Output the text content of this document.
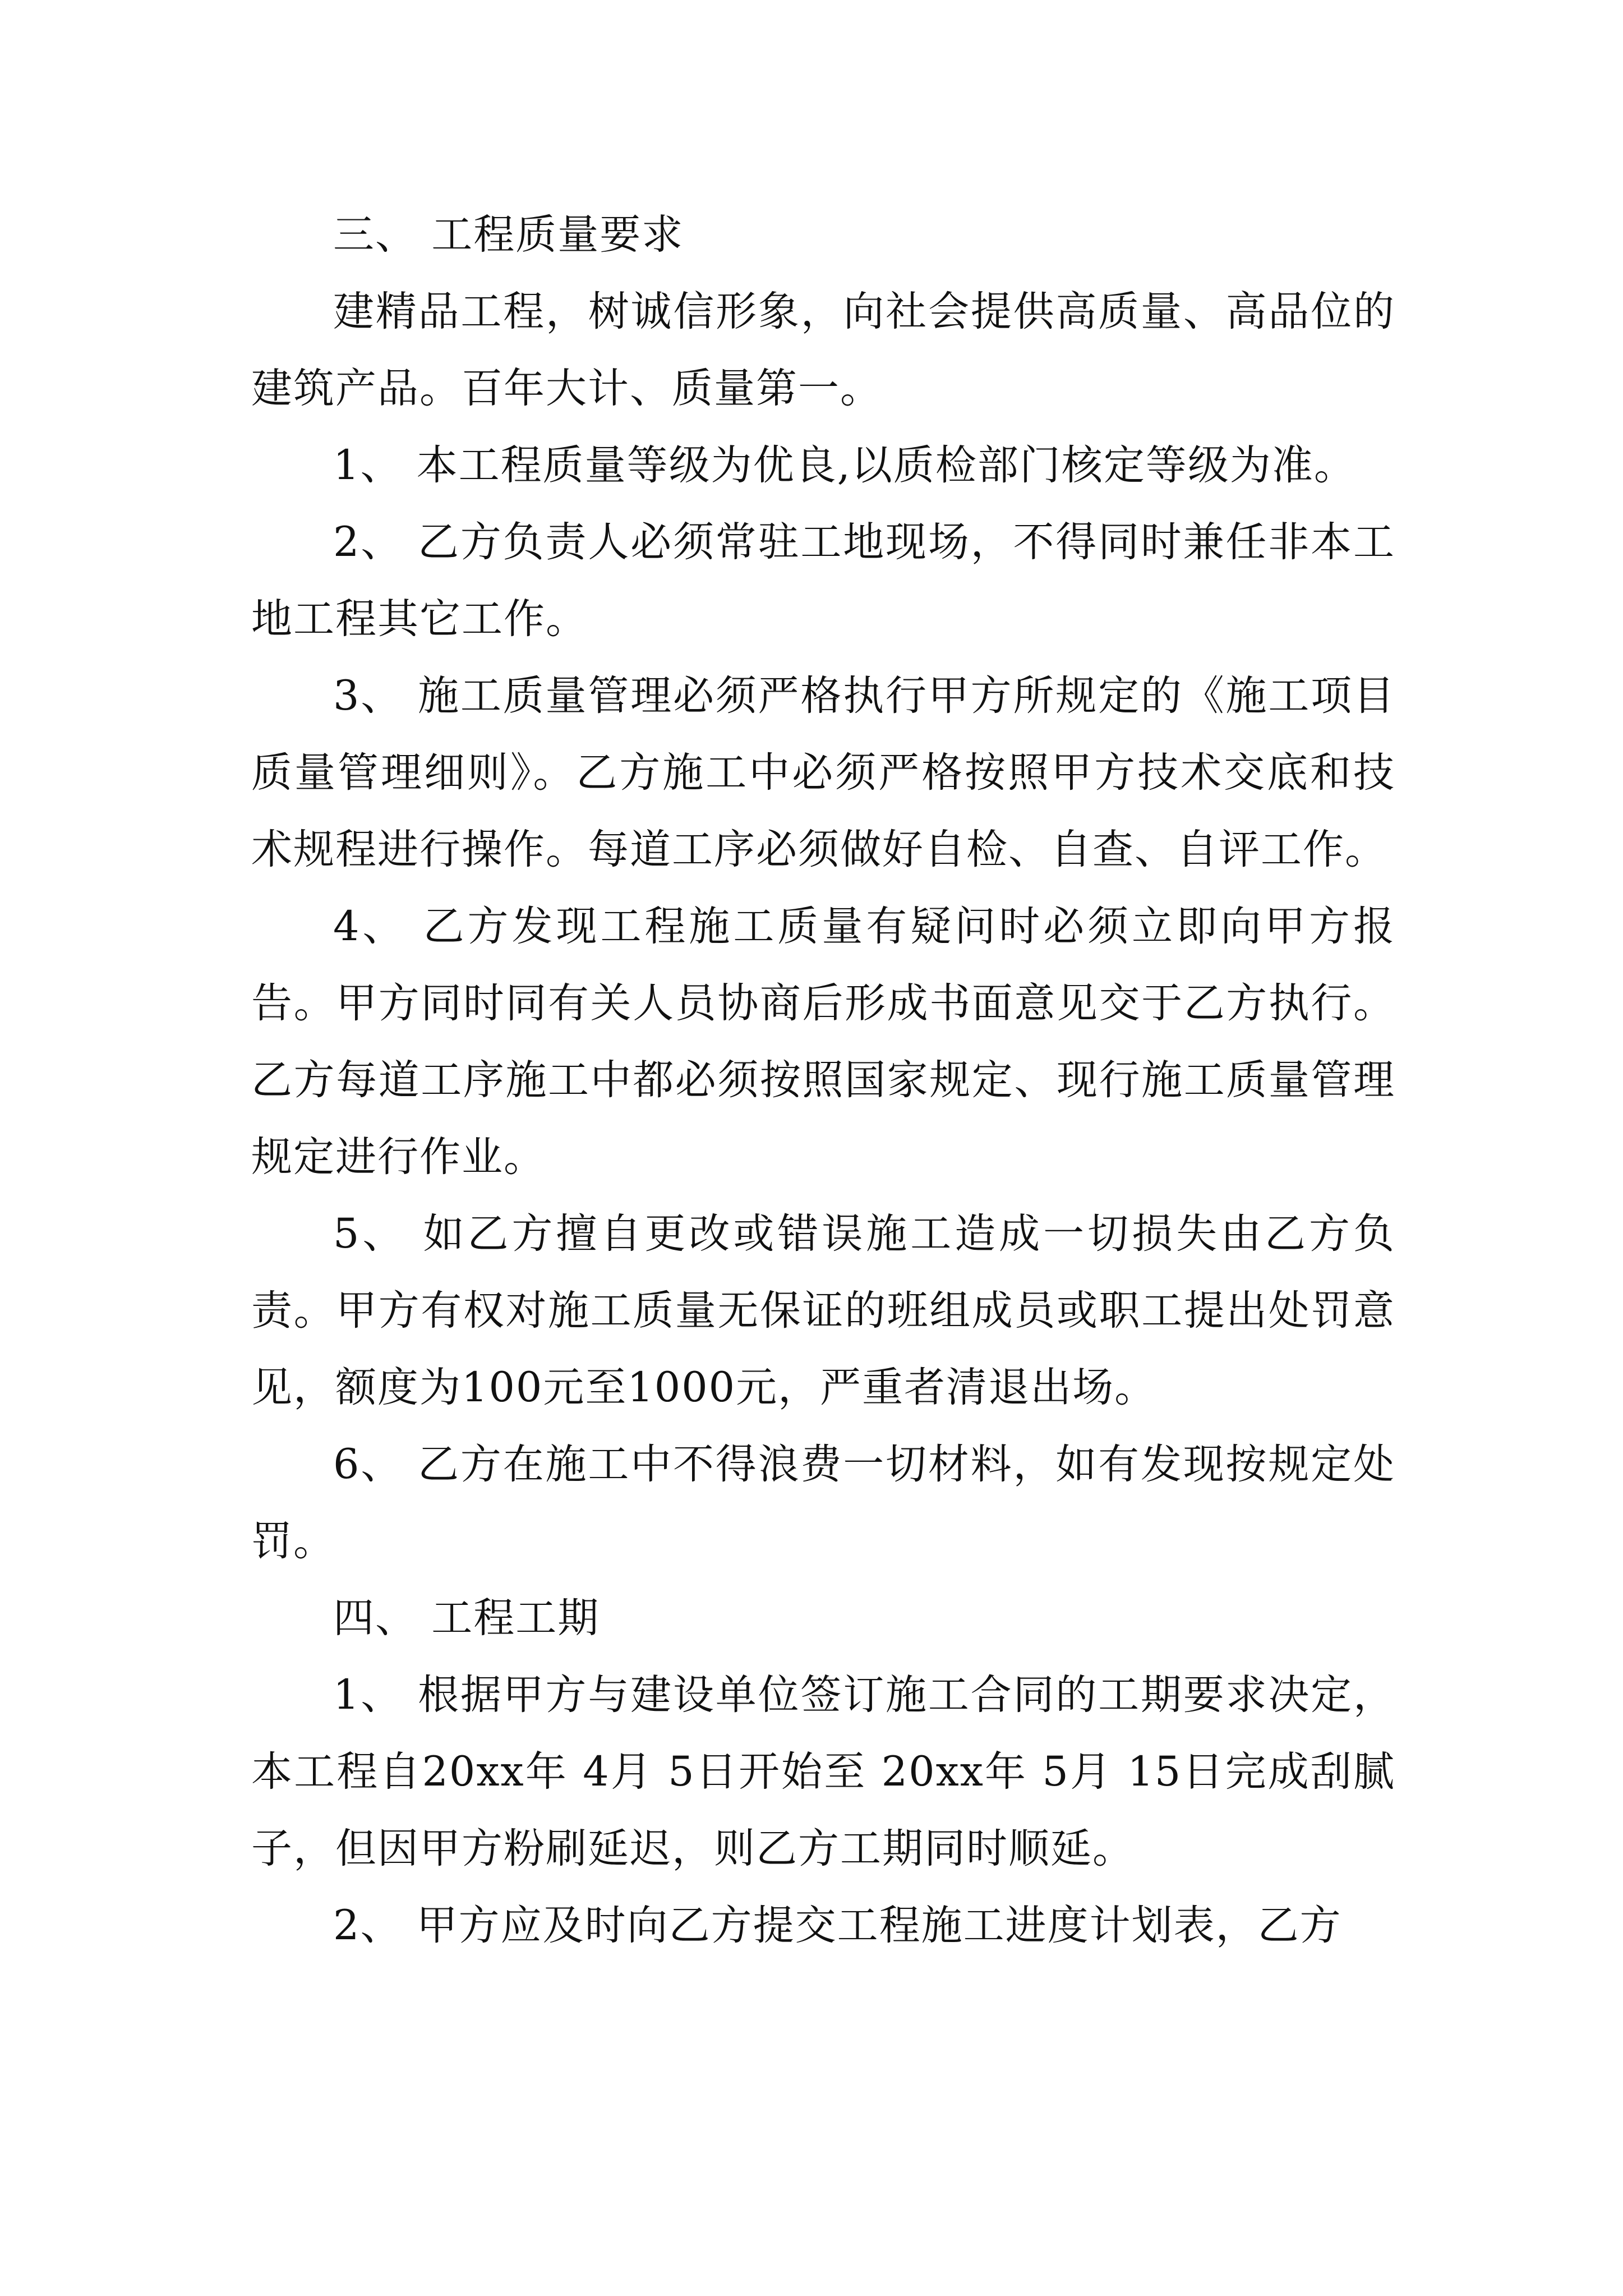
三、 工程质量要求

建精品工程，树诚信形象，向社会提供高质量、高品位的建筑产品。百年大计、质量第一。

1、 本工程质量等级为优良,以质检部门核定等级为准。

2、 乙方负责人必须常驻工地现场，不得同时兼任非本工地工程其它工作。

3、 施工质量管理必须严格执行甲方所规定的《施工项目质量管理细则》。乙方施工中必须严格按照甲方技术交底和技术规程进行操作。每道工序必须做好自检、自查、自评工作。

4、 乙方发现工程施工质量有疑问时必须立即向甲方报告。甲方同时同有关人员协商后形成书面意见交于乙方执行。乙方每道工序施工中都必须按照国家规定、现行施工质量管理规定进行作业。

5、 如乙方擅自更改或错误施工造成一切损失由乙方负责。甲方有权对施工质量无保证的班组成员或职工提出处罚意见，额度为100元至1000元，严重者清退出场。

6、 乙方在施工中不得浪费一切材料，如有发现按规定处罚。

四、 工程工期

1、 根据甲方与建设单位签订施工合同的工期要求决定，本工程自20xx年 4月 5日开始至 20xx年 5月 15日完成刮腻子，但因甲方粉刷延迟，则乙方工期同时顺延。

2、 甲方应及时向乙方提交工程施工进度计划表，乙方
